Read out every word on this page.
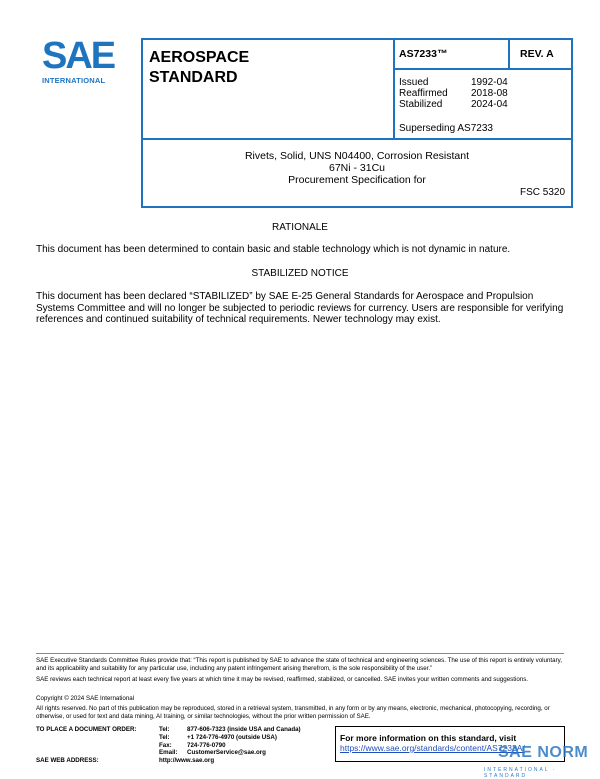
SAE
INTERNATIONAL
AEROSPACE
STANDARD
AS7233™	REV. A
Issued	1992-04
Reaffirmed	2018-08
Stabilized	2024-04
Superseding AS7233
Rivets, Solid, UNS N04400, Corrosion Resistant
67Ni - 31Cu
Procurement Specification for
FSC 5320
RATIONALE
This document has been determined to contain basic and stable technology which is not dynamic in nature.
STABILIZED NOTICE
This document has been declared “STABILIZED” by SAE E-25 General Standards for Aerospace and Propulsion Systems Committee and will no longer be subjected to periodic reviews for currency. Users are responsible for verifying references and continued suitability of technical requirements. Newer technology may exist.
SAE Executive Standards Committee Rules provide that: “This report is published by SAE to advance the state of technical and engineering sciences. The use of this report is entirely voluntary, and its applicability and suitability for any particular use, including any patent infringement arising therefrom, is the sole responsibility of the user.”
SAE reviews each technical report at least every five years at which time it may be revised, reaffirmed, stabilized, or cancelled. SAE invites your written comments and suggestions.
Copyright © 2024 SAE International
All rights reserved. No part of this publication may be reproduced, stored in a retrieval system, transmitted, in any form or by any means, electronic, mechanical, photocopying, recording, or otherwise, or used for text and data mining, AI training, or similar technologies, without the prior written permission of SAE.
TO PLACE A DOCUMENT ORDER:	Tel:	877-606-7323 (inside USA and Canada)
Tel:	+1 724-776-4970 (outside USA)
Fax:	724-776-0790
Email:	CustomerService@sae.org
SAE WEB ADDRESS:	http://www.sae.org
For more information on this standard, visit
https://www.sae.org/standards/content/AS7233A/
SAE NORM
INTERNATIONAL · STANDARD
